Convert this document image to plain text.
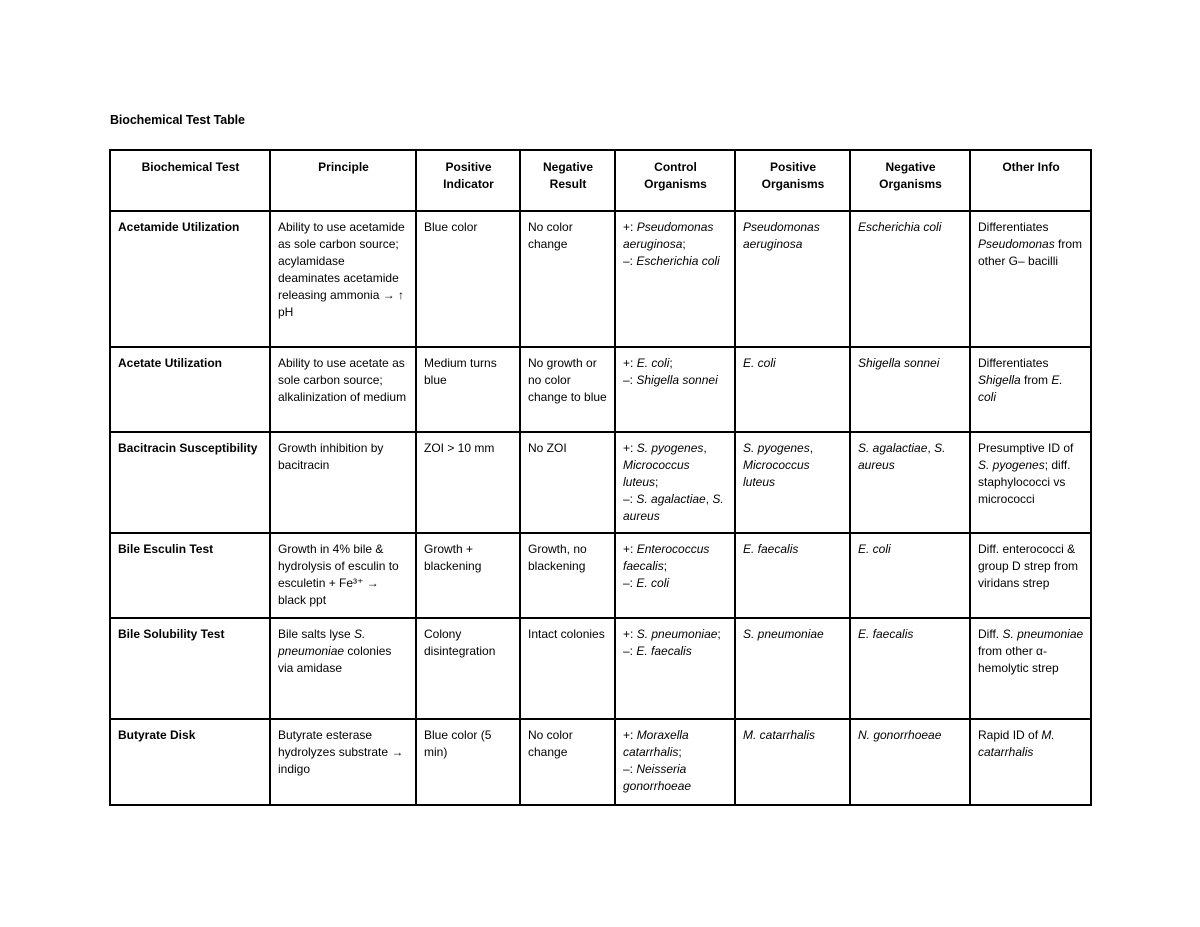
Biochemical Test Table
Biochemical Test	Principle	Positive Indicator	Negative Result	Control Organisms	Positive Organisms	Negative Organisms	Other Info
Acetamide Utilization	Ability to use acetamide as sole carbon source; acylamidase deaminates acetamide releasing ammonia → ↑ pH	Blue color	No color change	+: Pseudomonas aeruginosa;
–: Escherichia coli	Pseudomonas aeruginosa	Escherichia coli	Differentiates Pseudomonas from other G– bacilli
Acetate Utilization	Ability to use acetate as sole carbon source; alkalinization of medium	Medium turns blue	No growth or no color change to blue	+: E. coli;
–: Shigella sonnei	E. coli	Shigella sonnei	Differentiates Shigella from E. coli
Bacitracin Susceptibility	Growth inhibition by bacitracin	ZOI > 10 mm	No ZOI	+: S. pyogenes, Micrococcus luteus;
–: S. agalactiae, S. aureus	S. pyogenes, Micrococcus luteus	S. agalactiae, S. aureus	Presumptive ID of S. pyogenes; diff. staphylococci vs micrococci
Bile Esculin Test	Growth in 4% bile & hydrolysis of esculin to esculetin + Fe³⁺ → black ppt	Growth + blackening	Growth, no blackening	+: Enterococcus faecalis;
–: E. coli	E. faecalis	E. coli	Diff. enterococci & group D strep from viridans strep
Bile Solubility Test	Bile salts lyse S. pneumoniae colonies via amidase	Colony disintegration	Intact colonies	+: S. pneumoniae;
–: E. faecalis	S. pneumoniae	E. faecalis	Diff. S. pneumoniae from other α-hemolytic strep
Butyrate Disk	Butyrate esterase hydrolyzes substrate → indigo	Blue color (5 min)	No color change	+: Moraxella catarrhalis;
–: Neisseria gonorrhoeae	M. catarrhalis	N. gonorrhoeae	Rapid ID of M. catarrhalis
